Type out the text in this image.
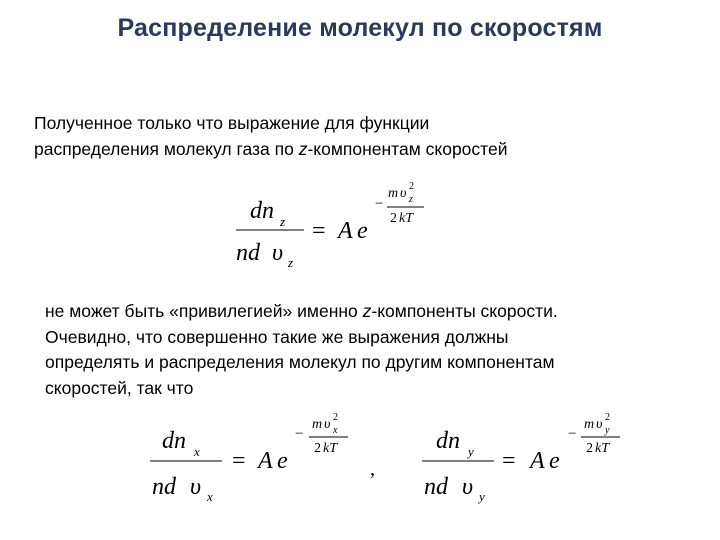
Распределение молекул по скоростям
Полученное только что выражение для функции
распределения молекул газа по z-компонентам скоростей
dn z
nd υ z
= A e
−
m υ 2
z
2 kT
не может быть «привилегией» именно z-компоненты скорости.
Очевидно, что совершенно такие же выражения должны
определять и распределения молекул по другим компонентам
скоростей, так что
dn x
nd υ x
= A e
−
m υ 2
x
2 kT
,
dn y
nd υ y
= A e
−
m υ 2
y
2 kT
